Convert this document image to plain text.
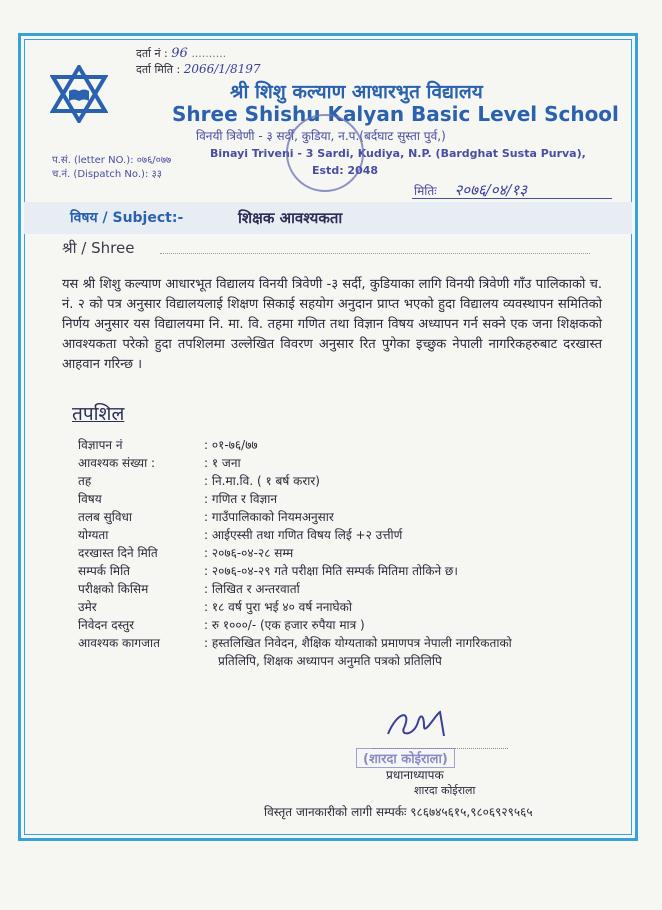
दर्ता नं : 96 ..........
दर्ता मिति : 2066/1/8197
श्री शिशु कल्याण आधारभुत विद्यालय
Shree Shishu Kalyan Basic Level School
विनयी त्रिवेणी - ३ सर्दी, कुडिया, न.प.(बर्दघाट सुस्ता पुर्व,)
Binayi Triveni - 3 Sardi, Kudiya, N.P. (Bardghat Susta Purva),
Estd: 2048
प.सं. (letter NO.): ०७६/०७७
च.नं. (Dispatch No.): ३३
मितिः २०७६/०४/१३
विषय / Subject:-	शिक्षक आवश्यकता
श्री / Shree
यस श्री शिशु कल्याण आधारभूत विद्यालय विनयी त्रिवेणी -३ सर्दी, कुडियाका लागि विनयी त्रिवेणी गाँउ पालिकाको च. नं. २ को पत्र अनुसार विद्यालयलाई शिक्षण सिकाई सहयोग अनुदान प्राप्त भएको हुदा विद्यालय व्यवस्थापन समितिको निर्णय अनुसार यस विद्यालयमा नि. मा. वि. तहमा गणित तथा विज्ञान विषय अध्यापन गर्न सक्ने एक जना शिक्षकको आवश्यकता परेको हुदा तपशिलमा उल्लेखित विवरण अनुसार रित पुगेका इच्छुक नेपाली नागरिकहरुबाट दरखास्त आहवान गरिन्छ ।
तपशिल
विज्ञापन नं	: ०१-७६/७७
आवश्यक संख्या :	: १ जना
तह	: नि.मा.वि. ( १ बर्ष करार)
विषय	: गणित र विज्ञान
तलब सुविधा	: गाउँपालिकाको नियमअनुसार
योग्यता	: आईएस्सी तथा गणित विषय लिई +२ उत्तीर्ण
दरखास्त दिने मिति	: २०७६-०४-२८ सम्म
सम्पर्क मिति	: २०७६-०४-२९ गते परीक्षा मिति सम्पर्क मितिमा तोकिने छ।
परीक्षको किसिम	: लिखित र अन्तरवार्ता
उमेर	: १८ वर्ष पुरा भई ४० वर्ष ननाघेको
निवेदन दस्तुर	: रु १०००/- (एक हजार रुपैया मात्र )
आवश्यक कागजात	: हस्तलिखित निवेदन, शैक्षिक योग्यताको प्रमाणपत्र नेपाली नागरिकताको
प्रतिलिपि, शिक्षक अध्यापन अनुमति पत्रको प्रतिलिपि
(शारदा कोईराला)
प्रधानाध्यापक
शारदा कोईराला
विस्तृत जानकारीको लागी सम्पर्कः ९८६७४५६१५,९८०६९२९५६५
